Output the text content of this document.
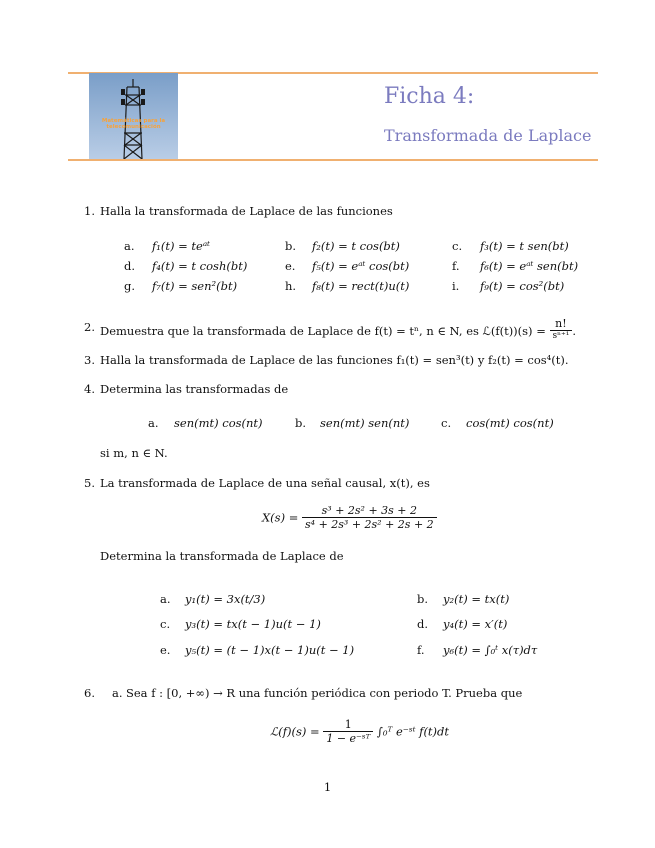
Matemáticas para la telecomunicación
Ficha 4:
Transformada de Laplace
1. Halla la transformada de Laplace de las funciones
a. f₁(t) = teᵃᵗ	b. f₂(t) = t cos(bt)	c. f₃(t) = t sen(bt)
d. f₄(t) = t cosh(bt)	e. f₅(t) = eᵃᵗ cos(bt)	f. f₆(t) = eᵃᵗ sen(bt)
g. f₇(t) = sen²(bt)	h. f₈(t) = rect(t)u(t)	i. f₉(t) = cos²(bt)
2. Demuestra que la transformada de Laplace de f(t) = tⁿ, n ∈ N, es ℒ(f(t))(s) = $\frac{n!}{\text{sⁿ⁺¹}}$ .
3. Halla la transformada de Laplace de las funciones f₁(t) = sen³(t) y f₂(t) = cos⁴(t).
4. Determina las transformadas de
a. sen(mt) cos(nt)	b. sen(mt) sen(nt)	c. cos(mt) cos(nt)
si m, n ∈ N.
5. La transformada de Laplace de una señal causal, x(t), es
$X(s) = \frac{\text{s³ + 2s² + 3s + 2}}{\text{s⁴ + 2s³ + 2s² + 2s + 2}}$
Determina la transformada de Laplace de
a. y₁(t) = 3x(t/3)	b. y₂(t) = tx(t)
c. y₃(t) = tx(t − 1)u(t − 1)	d. y₄(t) = x′(t)
e. y₅(t) = (t − 1)x(t − 1)u(t − 1)	f. y₆(t) = ∫₀ᵗ x(τ)dτ
6. a. Sea f : [0, +∞) → R una función periódica con periodo T. Prueba que
ℒ(f)(s) = $\frac{1}{\text{1 − e⁻ˢᵀ}}$ ∫₀ᵀ e⁻ˢᵗ f(t)dt
1
